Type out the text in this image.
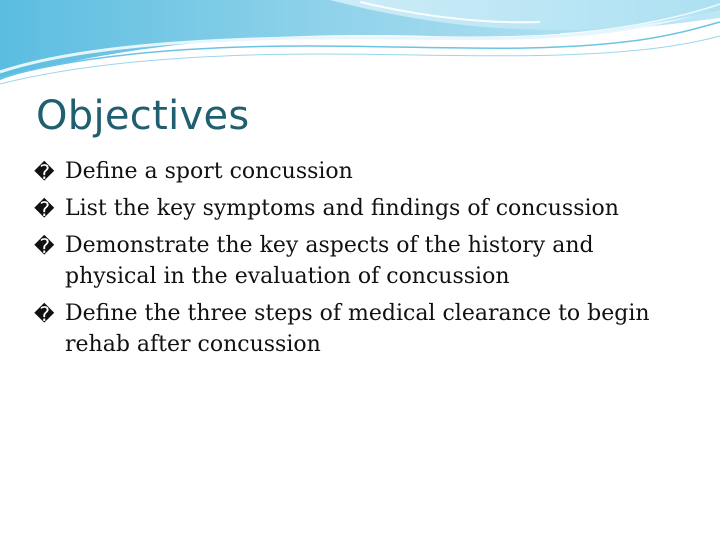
Objectives
� Define a sport concussion
� List the key symptoms and findings of concussion
� Demonstrate the key aspects of the history and physical in the evaluation of concussion
� Define the three steps of medical clearance to begin rehab after concussion
